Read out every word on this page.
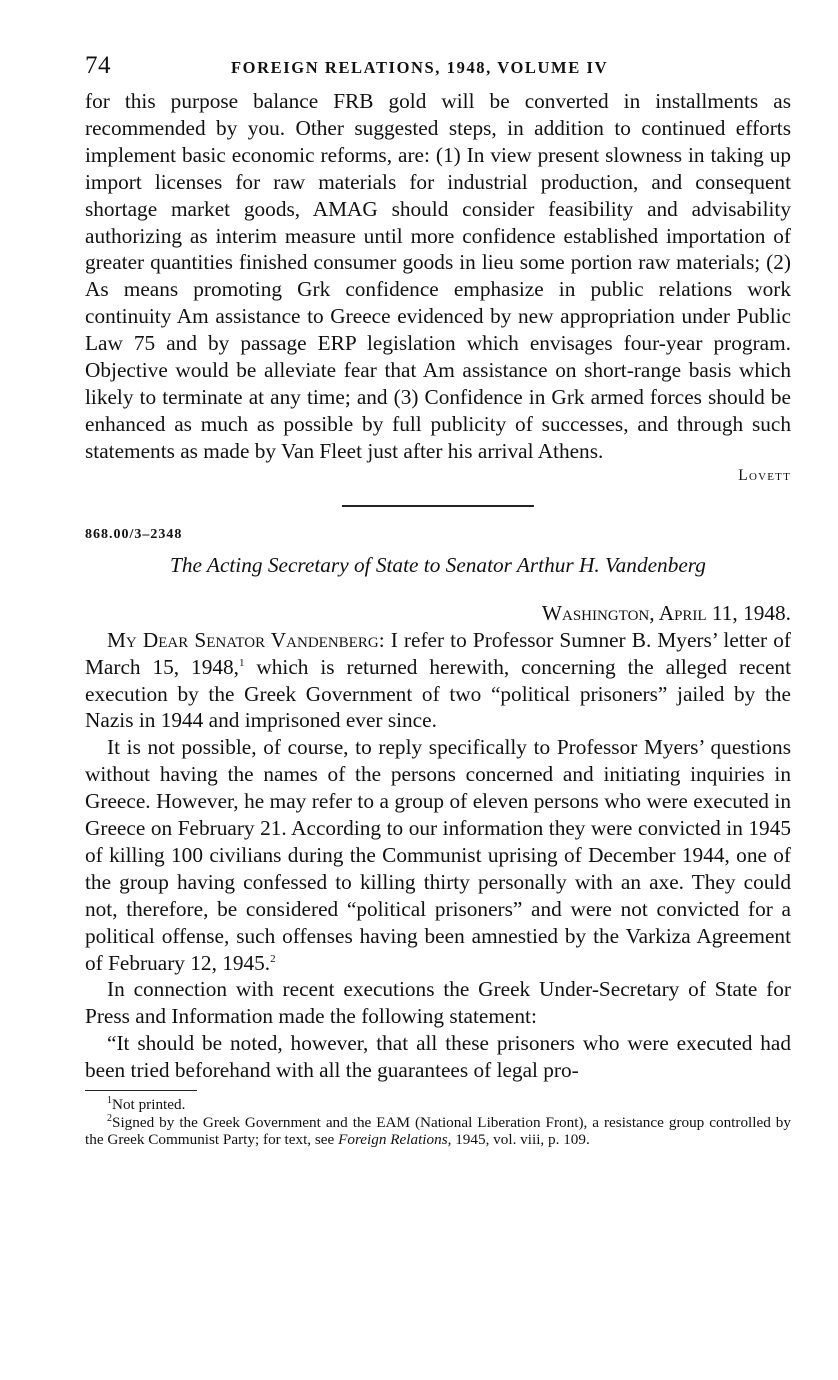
74	FOREIGN RELATIONS, 1948, VOLUME IV

for this purpose balance FRB gold will be converted in installments as recommended by you. Other suggested steps, in addition to continued efforts implement basic economic reforms, are: (1) In view present slowness in taking up import licenses for raw materials for industrial production, and consequent shortage market goods, AMAG should consider feasibility and advisability authorizing as interim measure until more confidence established importation of greater quantities finished consumer goods in lieu some portion raw materials; (2) As means promoting Grk confidence emphasize in public relations work continuity Am assistance to Greece evidenced by new appropriation under Public Law 75 and by passage ERP legislation which envisages four-year program. Objective would be alleviate fear that Am assistance on short-range basis which likely to terminate at any time; and (3) Confidence in Grk armed forces should be enhanced as much as possible by full publicity of successes, and through such statements as made by Van Fleet just after his arrival Athens.

Lovett
868.00/3–2348
The Acting Secretary of State to Senator Arthur H. Vandenberg
Washington, April 11, 1948.

My Dear Senator Vandenberg: I refer to Professor Sumner B. Myers’ letter of March 15, 1948,$^1$ which is returned herewith, concerning the alleged recent execution by the Greek Government of two “political prisoners” jailed by the Nazis in 1944 and imprisoned ever since.

It is not possible, of course, to reply specifically to Professor Myers’ questions without having the names of the persons concerned and initiating inquiries in Greece. However, he may refer to a group of eleven persons who were executed in Greece on February 21. According to our information they were convicted in 1945 of killing 100 civilians during the Communist uprising of December 1944, one of the group having confessed to killing thirty personally with an axe. They could not, therefore, be considered “political prisoners” and were not convicted for a political offense, such offenses having been amnestied by the Varkiza Agreement of February 12, 1945.$^2$

In connection with recent executions the Greek Under-Secretary of State for Press and Information made the following statement:

“It should be noted, however, that all these prisoners who were executed had been tried beforehand with all the guarantees of legal pro-

$^1$Not printed.

$^2$Signed by the Greek Government and the EAM (National Liberation Front), a resistance group controlled by the Greek Communist Party; for text, see Foreign Relations, 1945, vol. viii, p. 109.
